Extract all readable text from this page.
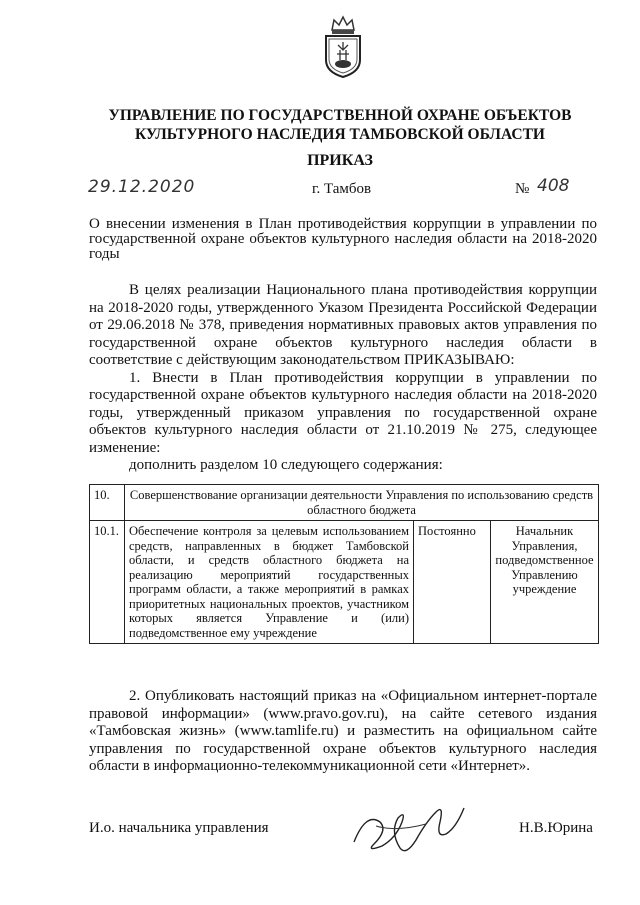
УПРАВЛЕНИЕ ПО ГОСУДАРСТВЕННОЙ ОХРАНЕ ОБЪЕКТОВ
КУЛЬТУРНОГО НАСЛЕДИЯ ТАМБОВСКОЙ ОБЛАСТИ
ПРИКАЗ
29.12.2020	г. Тамбов	№ 408
О внесении изменения в План противодействия коррупции в управлении по государственной охране объектов культурного наследия области на 2018-2020 годы

В целях реализации Национального плана противодействия коррупции на 2018-2020 годы, утвержденного Указом Президента Российской Федерации от 29.06.2018 № 378, приведения нормативных правовых актов управления по государственной охране объектов культурного наследия области в соответствие с действующим законодательством ПРИКАЗЫВАЮ:

1. Внести в План противодействия коррупции в управлении по государственной охране объектов культурного наследия области на 2018-2020 годы, утвержденный приказом управления по государственной охране объектов культурного наследия области от 21.10.2019 № 275, следующее изменение:

дополнить разделом 10 следующего содержания:

10.	Совершенствование организации деятельности Управления по использованию средств областного бюджета		
10.1.	Обеспечение контроля за целевым использованием средств, направленных в бюджет Тамбовской области, и средств областного бюджета на реализацию мероприятий государственных программ области, а также мероприятий в рамках приоритетных национальных проектов, участником которых является Управление и (или) подведомственное ему учреждение	Постоянно	Начальник Управления, подведомственное Управлению учреждение

2. Опубликовать настоящий приказ на «Официальном интернет-портале правовой информации» (www.pravo.gov.ru), на сайте сетевого издания «Тамбовская жизнь» (www.tamlife.ru) и разместить на официальном сайте управления по государственной охране объектов культурного наследия области в информационно-телекоммуникационной сети «Интернет».

И.о. начальника управления	Н.В.Юрина
